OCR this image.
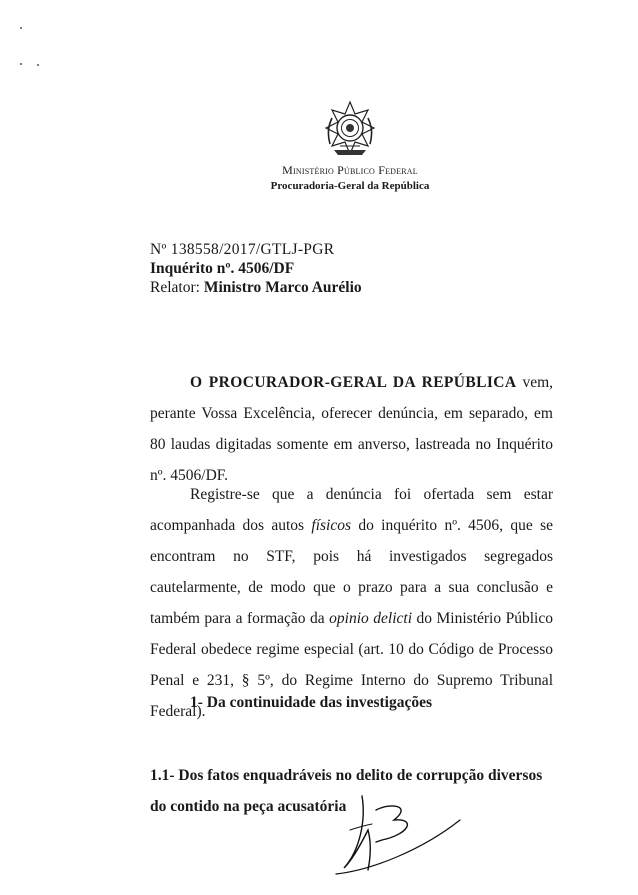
Ministério Público Federal
Procuradoria-Geral da República
Nº 138558/2017/GTLJ-PGR
Inquérito nº. 4506/DF
Relator: Ministro Marco Aurélio

O PROCURADOR-GERAL DA REPÚBLICA vem, perante Vossa Excelência, oferecer denúncia, em separado, em 80 laudas digitadas somente em anverso, lastreada no Inquérito nº. 4506/DF.

Registre-se que a denúncia foi ofertada sem estar acompanhada dos autos físicos do inquérito nº. 4506, que se encontram no STF, pois há investigados segregados cautelarmente, de modo que o prazo para a sua conclusão e também para a formação da opinio delicti do Ministério Público Federal obedece regime especial (art. 10 do Código de Processo Penal e 231, § 5º, do Regime Interno do Supremo Tribunal Federal).

1- Da continuidade das investigações

1.1- Dos fatos enquadráveis no delito de corrupção diversos do contido na peça acusatória
